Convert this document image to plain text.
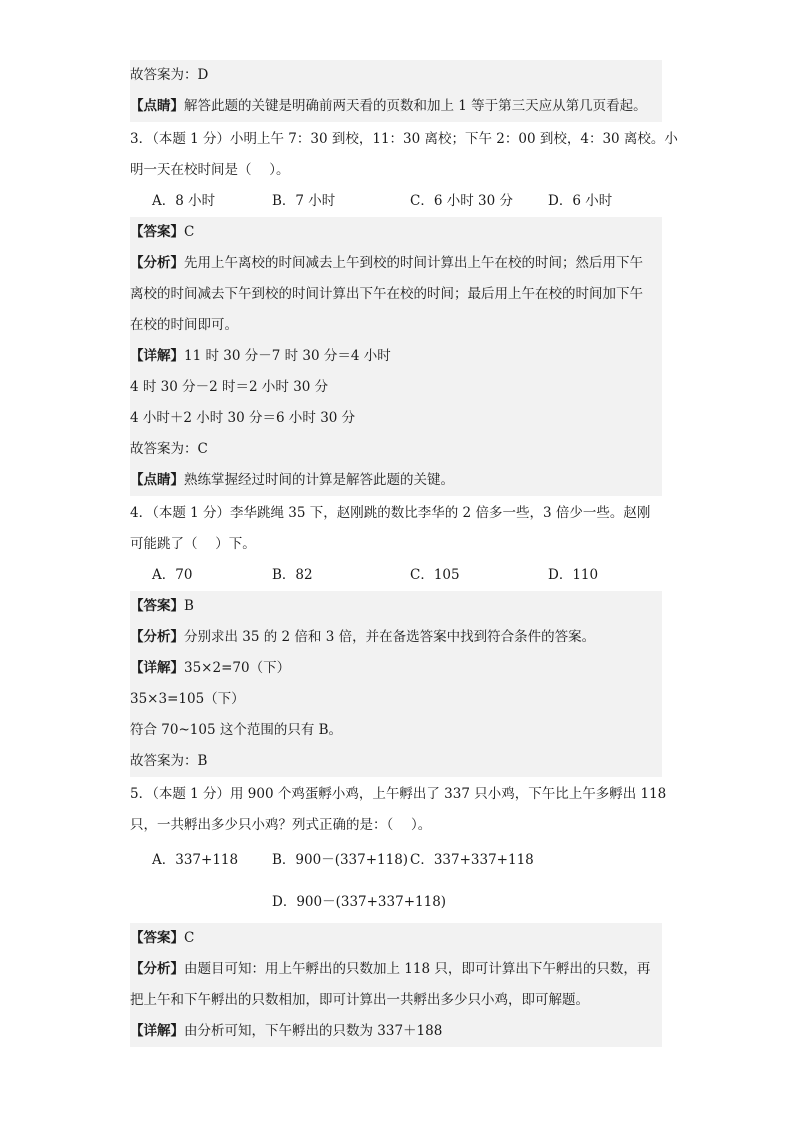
故答案为：D
【点睛】解答此题的关键是明确前两天看的页数和加上 1 等于第三天应从第几页看起。
3．（本题 1 分）小明上午 7：30 到校，11：30 离校；下午 2：00 到校，4：30 离校。小
明一天在校时间是（　 ）。
A．8 小时	B．7 小时	C．6 小时 30 分	D．6 小时
【答案】C
【分析】先用上午离校的时间减去上午到校的时间计算出上午在校的时间；然后用下午
离校的时间减去下午到校的时间计算出下午在校的时间；最后用上午在校的时间加下午
在校的时间即可。
【详解】11 时 30 分－7 时 30 分＝4 小时
4 时 30 分－2 时＝2 小时 30 分
4 小时＋2 小时 30 分＝6 小时 30 分
故答案为：C
【点睛】熟练掌握经过时间的计算是解答此题的关键。
4．（本题 1 分）李华跳绳 35 下，赵刚跳的数比李华的 2 倍多一些，3 倍少一些。赵刚
可能跳了（　 ）下。
A．70	B．82	C．105	D．110
【答案】B
【分析】分别求出 35 的 2 倍和 3 倍，并在备选答案中找到符合条件的答案。
【详解】35×2=70（下）
35×3=105（下）
符合 70~105 这个范围的只有 B。
故答案为：B
5．（本题 1 分）用 900 个鸡蛋孵小鸡，上午孵出了 337 只小鸡，下午比上午多孵出 118
只，一共孵出多少只小鸡？列式正确的是：（　 ）。
A．337+118	B．900－(337+118) C．337+337+118
D．900－(337+337+118)
【答案】C
【分析】由题目可知：用上午孵出的只数加上 118 只，即可计算出下午孵出的只数，再
把上午和下午孵出的只数相加，即可计算出一共孵出多少只小鸡，即可解题。
【详解】由分析可知，下午孵出的只数为 337＋188
